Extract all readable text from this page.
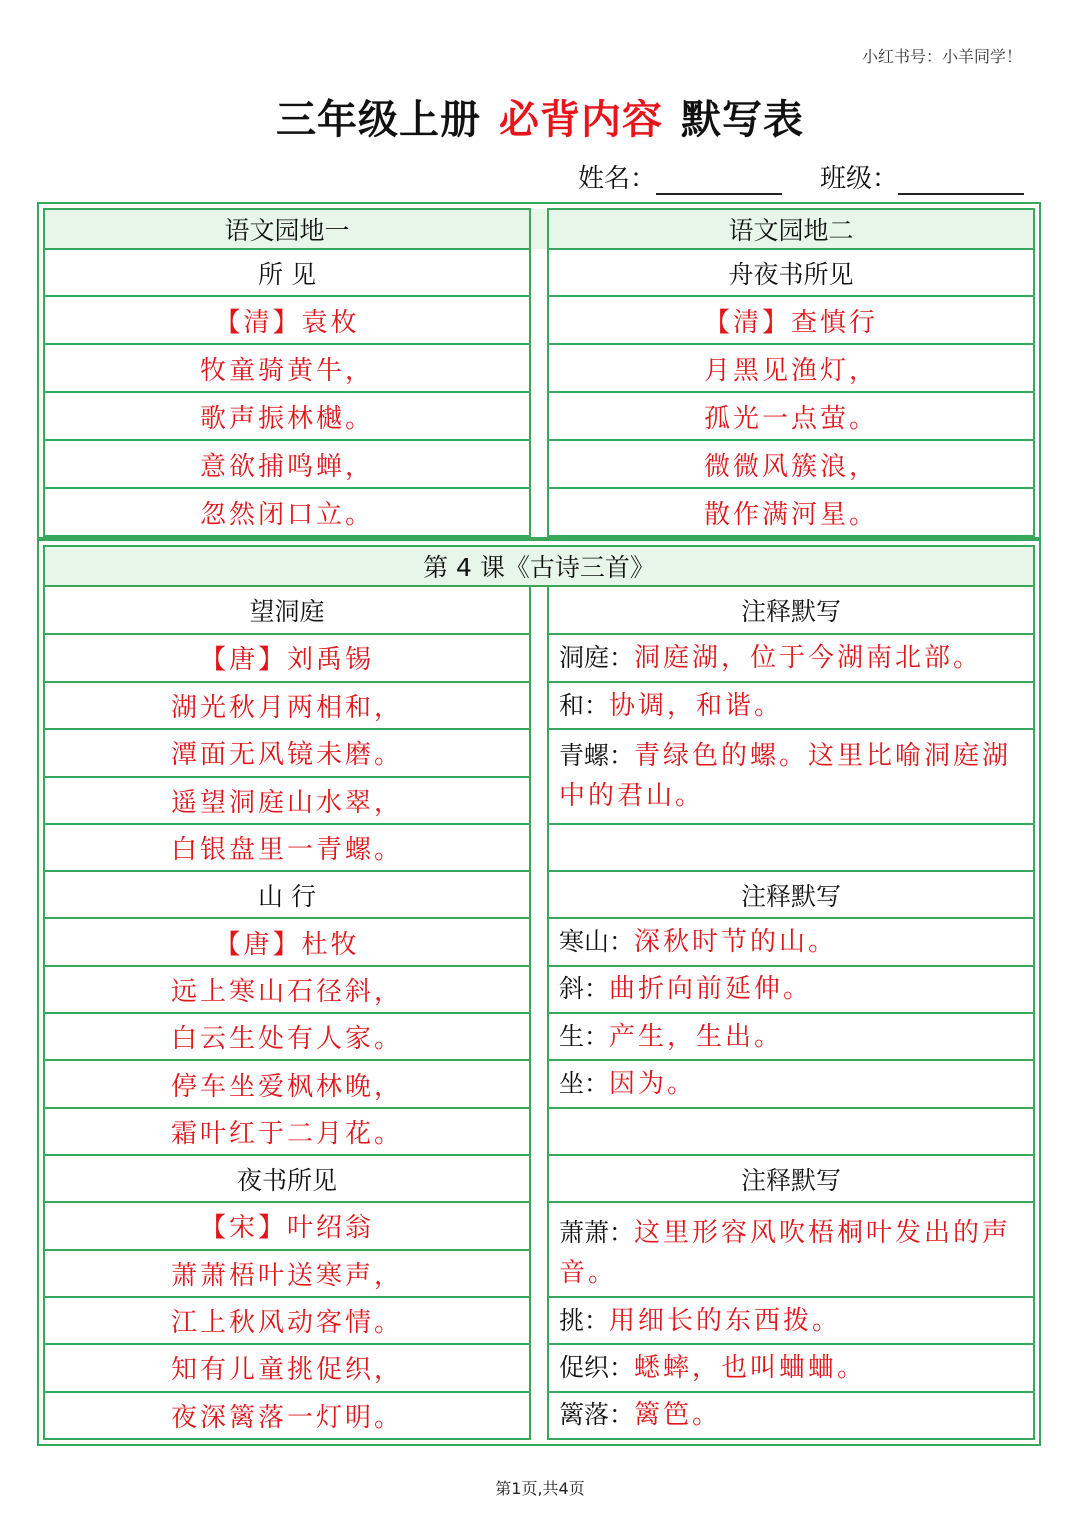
小红书号：小羊同学！
三年级上册 必背内容 默写表
姓名：	班级：
语文园地一		语文园地二
所 见		舟夜书所见
【清】袁枚		【清】查慎行
牧童骑黄牛，		月黑见渔灯，
歌声振林樾。		孤光一点萤。
意欲捕鸣蝉，		微微风簇浪，
忽然闭口立。		散作满河星。
第 4 课《古诗三首》		
望洞庭		注释默写
【唐】刘禹锡		洞庭：洞庭湖，位于今湖南北部。
湖光秋月两相和，		和：协调，和谐。
潭面无风镜未磨。		青螺：青绿色的螺。这里比喻洞庭湖中的君山。
遥望洞庭山水翠，		
白银盘里一青螺。		
山 行		注释默写
【唐】杜牧		寒山：深秋时节的山。
远上寒山石径斜，		斜：曲折向前延伸。
白云生处有人家。		生：产生，生出。
停车坐爱枫林晚，		坐：因为。
霜叶红于二月花。		
夜书所见		注释默写
【宋】叶绍翁		萧萧：这里形容风吹梧桐叶发出的声音。
萧萧梧叶送寒声，		
江上秋风动客情。		挑：用细长的东西拨。
知有儿童挑促织，		促织：蟋蟀，也叫蛐蛐。
夜深篱落一灯明。		篱落：篱笆。
第1页,共4页
